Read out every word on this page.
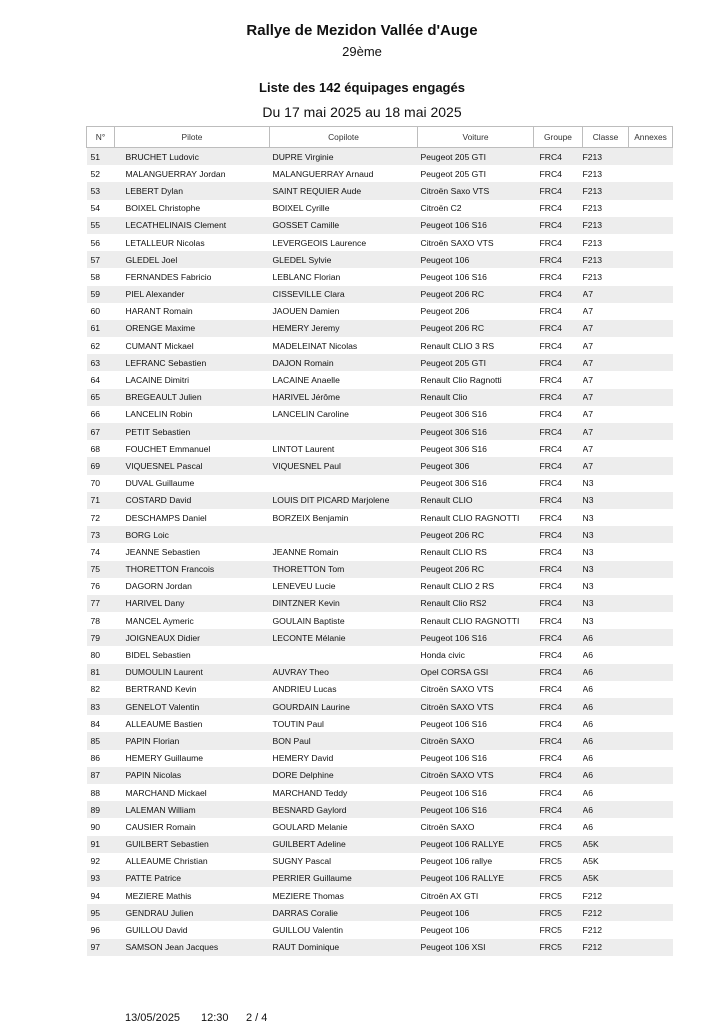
Rallye de Mezidon Vallée d'Auge
29ème
Liste des 142 équipages engagés
Du 17 mai 2025 au 18 mai 2025
N°	Pilote	Copilote	Voiture	Groupe	Classe	Annexes
51	BRUCHET Ludovic	DUPRE Virginie	Peugeot 205 GTI	FRC4	F213	
52	MALANGUERRAY Jordan	MALANGUERRAY Arnaud	Peugeot 205 GTI	FRC4	F213	
53	LEBERT Dylan	SAINT REQUIER Aude	Citroën Saxo VTS	FRC4	F213	
54	BOIXEL Christophe	BOIXEL Cyrille	Citroën C2	FRC4	F213	
55	LECATHELINAIS Clement	GOSSET Camille	Peugeot 106 S16	FRC4	F213	
56	LETALLEUR Nicolas	LEVERGEOIS Laurence	Citroën SAXO VTS	FRC4	F213	
57	GLEDEL Joel	GLEDEL Sylvie	Peugeot 106	FRC4	F213	
58	FERNANDES Fabricio	LEBLANC Florian	Peugeot 106 S16	FRC4	F213	
59	PIEL Alexander	CISSEVILLE Clara	Peugeot 206 RC	FRC4	A7	
60	HARANT Romain	JAOUEN Damien	Peugeot 206	FRC4	A7	
61	ORENGE Maxime	HEMERY Jeremy	Peugeot 206 RC	FRC4	A7	
62	CUMANT Mickael	MADELEINAT Nicolas	Renault CLIO 3 RS	FRC4	A7	
63	LEFRANC Sebastien	DAJON Romain	Peugeot 205 GTI	FRC4	A7	
64	LACAINE Dimitri	LACAINE Anaelle	Renault Clio Ragnotti	FRC4	A7	
65	BREGEAULT Julien	HARIVEL Jérôme	Renault Clio	FRC4	A7	
66	LANCELIN Robin	LANCELIN Caroline	Peugeot 306 S16	FRC4	A7	
67	PETIT Sebastien		Peugeot 306 S16	FRC4	A7	
68	FOUCHET Emmanuel	LINTOT Laurent	Peugeot 306 S16	FRC4	A7	
69	VIQUESNEL Pascal	VIQUESNEL Paul	Peugeot 306	FRC4	A7	
70	DUVAL Guillaume		Peugeot 306 S16	FRC4	N3	
71	COSTARD David	LOUIS DIT PICARD Marjolene	Renault CLIO	FRC4	N3	
72	DESCHAMPS Daniel	BORZEIX Benjamin	Renault CLIO RAGNOTTI	FRC4	N3	
73	BORG Loic		Peugeot 206 RC	FRC4	N3	
74	JEANNE Sebastien	JEANNE Romain	Renault CLIO RS	FRC4	N3	
75	THORETTON Francois	THORETTON Tom	Peugeot 206 RC	FRC4	N3	
76	DAGORN Jordan	LENEVEU Lucie	Renault CLIO 2 RS	FRC4	N3	
77	HARIVEL Dany	DINTZNER Kevin	Renault Clio RS2	FRC4	N3	
78	MANCEL Aymeric	GOULAIN Baptiste	Renault CLIO RAGNOTTI	FRC4	N3	
79	JOIGNEAUX Didier	LECONTE Mélanie	Peugeot 106 S16	FRC4	A6	
80	BIDEL Sebastien		Honda civic	FRC4	A6	
81	DUMOULIN Laurent	AUVRAY Theo	Opel CORSA GSI	FRC4	A6	
82	BERTRAND Kevin	ANDRIEU Lucas	Citroën SAXO VTS	FRC4	A6	
83	GENELOT Valentin	GOURDAIN Laurine	Citroën SAXO VTS	FRC4	A6	
84	ALLEAUME Bastien	TOUTIN Paul	Peugeot 106 S16	FRC4	A6	
85	PAPIN Florian	BON Paul	Citroën SAXO	FRC4	A6	
86	HEMERY Guillaume	HEMERY David	Peugeot 106 S16	FRC4	A6	
87	PAPIN Nicolas	DORE Delphine	Citroën SAXO VTS	FRC4	A6	
88	MARCHAND Mickael	MARCHAND Teddy	Peugeot 106 S16	FRC4	A6	
89	LALEMAN William	BESNARD Gaylord	Peugeot 106 S16	FRC4	A6	
90	CAUSIER Romain	GOULARD Melanie	Citroën SAXO	FRC4	A6	
91	GUILBERT Sebastien	GUILBERT Adeline	Peugeot 106 RALLYE	FRC5	A5K	
92	ALLEAUME Christian	SUGNY Pascal	Peugeot 106 rallye	FRC5	A5K	
93	PATTE Patrice	PERRIER Guillaume	Peugeot 106 RALLYE	FRC5	A5K	
94	MEZIERE Mathis	MEZIERE Thomas	Citroën AX GTI	FRC5	F212	
95	GENDRAU Julien	DARRAS Coralie	Peugeot 106	FRC5	F212	
96	GUILLOU David	GUILLOU Valentin	Peugeot 106	FRC5	F212	
97	SAMSON Jean Jacques	RAUT Dominique	Peugeot 106 XSI	FRC5	F212	
13/05/2025 12:30 2 / 4
